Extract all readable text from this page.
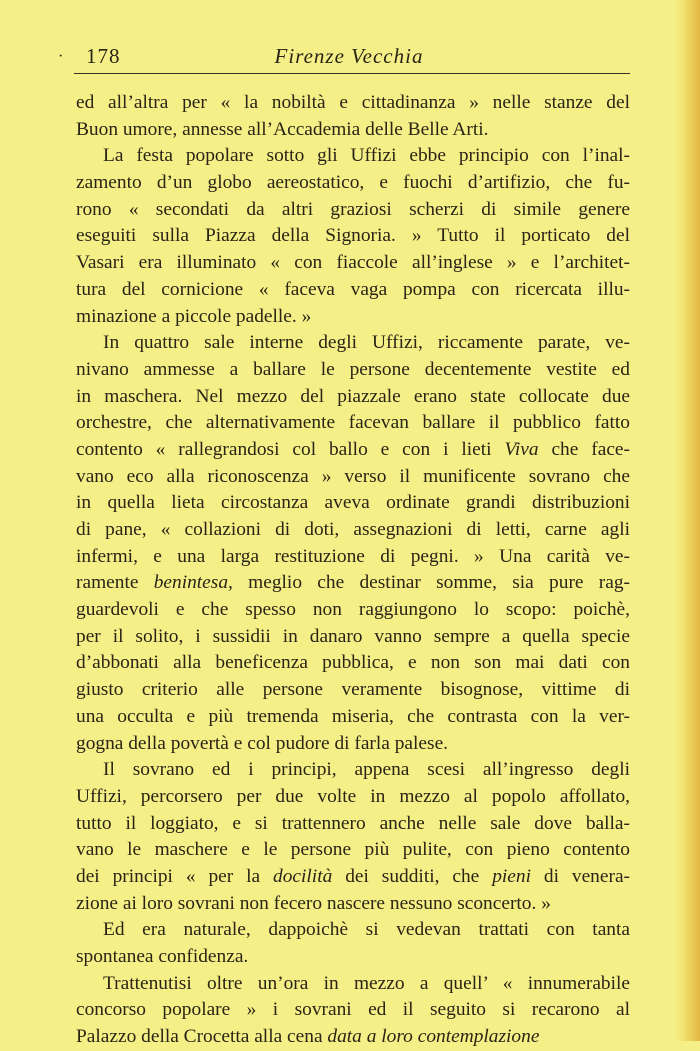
· 178	Firenze Vecchia
ed all’altra per « la nobiltà e cittadinanza » nelle stanze del
Buon umore, annesse all’Accademia delle Belle Arti.
La festa popolare sotto gli Uffizi ebbe principio con l’inal-
zamento d’un globo aereostatico, e fuochi d’artifizio, che fu-
rono « secondati da altri graziosi scherzi di simile genere
eseguiti sulla Piazza della Signoria. » Tutto il porticato del
Vasari era illuminato « con fiaccole all’inglese » e l’architet-
tura del cornicione « faceva vaga pompa con ricercata illu-
minazione a piccole padelle. »
In quattro sale interne degli Uffizi, riccamente parate, ve-
nivano ammesse a ballare le persone decentemente vestite ed
in maschera. Nel mezzo del piazzale erano state collocate due
orchestre, che alternativamente facevan ballare il pubblico fatto
contento « rallegrandosi col ballo e con i lieti Viva che face-
vano eco alla riconoscenza » verso il munificente sovrano che
in quella lieta circostanza aveva ordinate grandi distribuzioni
di pane, « collazioni di doti, assegnazioni di letti, carne agli
infermi, e una larga restituzione di pegni. » Una carità ve-
ramente benintesa, meglio che destinar somme, sia pure rag-
guardevoli e che spesso non raggiungono lo scopo: poichè,
per il solito, i sussidii in danaro vanno sempre a quella specie
d’abbonati alla beneficenza pubblica, e non son mai dati con
giusto criterio alle persone veramente bisognose, vittime di
una occulta e più tremenda miseria, che contrasta con la ver-
gogna della povertà e col pudore di farla palese.
Il sovrano ed i principi, appena scesi all’ingresso degli
Uffizi, percorsero per due volte in mezzo al popolo affollato,
tutto il loggiato, e si trattennero anche nelle sale dove balla-
vano le maschere e le persone più pulite, con pieno contento
dei principi « per la docilità dei sudditi, che pieni di venera-
zione ai loro sovrani non fecero nascere nessuno sconcerto. »
Ed era naturale, dappoichè si vedevan trattati con tanta
spontanea confidenza.
Trattenutisi oltre un’ora in mezzo a quell’ « innumerabile
concorso popolare » i sovrani ed il seguito si recarono al
Palazzo della Crocetta alla cena data a loro contemplazione
